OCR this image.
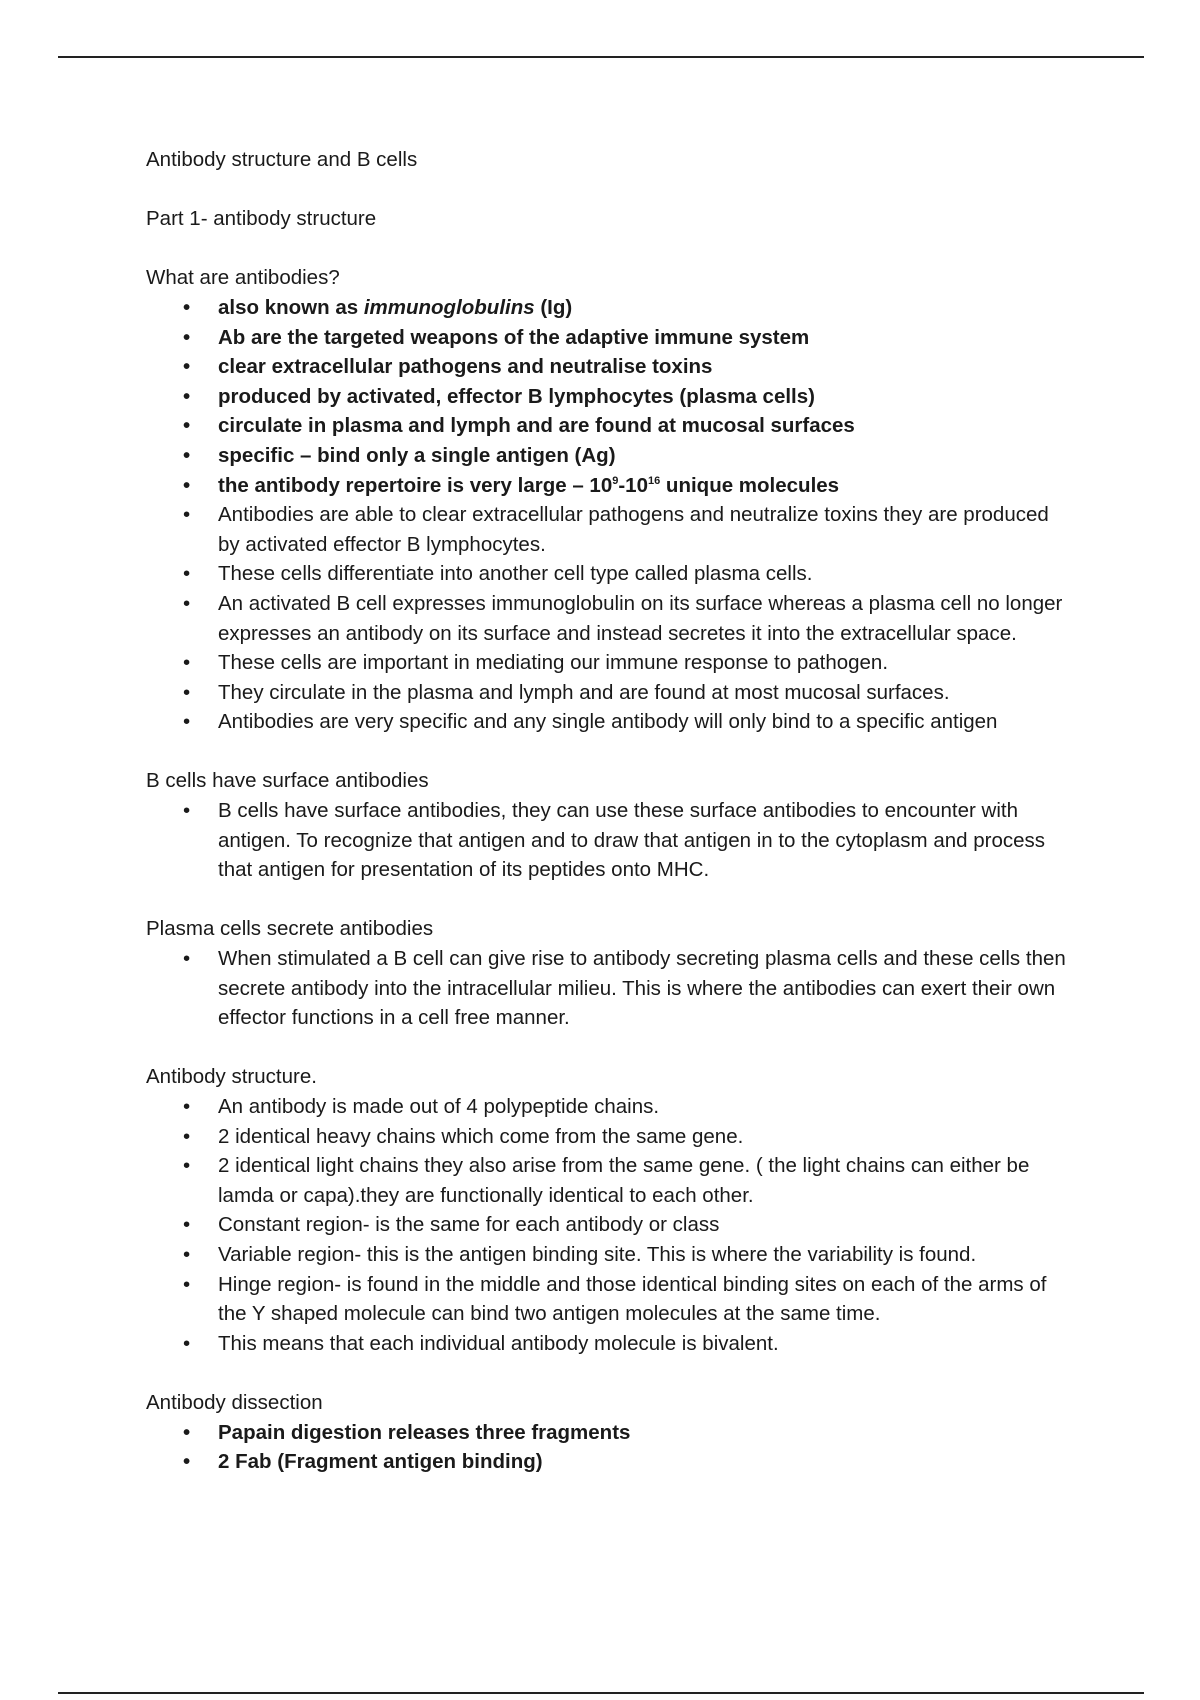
Antibody structure and B cells

Part 1- antibody structure

What are antibodies?

• also known as immunoglobulins (Ig)
• Ab are the targeted weapons of the adaptive immune system
• clear extracellular pathogens and neutralise toxins
• produced by activated, effector B lymphocytes (plasma cells)
• circulate in plasma and lymph and are found at mucosal surfaces
• specific – bind only a single antigen (Ag)
• the antibody repertoire is very large – $10^9-10^{16}$ unique molecules
• Antibodies are able to clear extracellular pathogens and neutralize toxins they are produced by activated effector B lymphocytes.
• These cells differentiate into another cell type called plasma cells.
• An activated B cell expresses immunoglobulin on its surface whereas a plasma cell no longer expresses an antibody on its surface and instead secretes it into the extracellular space.
• These cells are important in mediating our immune response to pathogen.
• They circulate in the plasma and lymph and are found at most mucosal surfaces.
• Antibodies are very specific and any single antibody will only bind to a specific antigen

B cells have surface antibodies

• B cells have surface antibodies, they can use these surface antibodies to encounter with antigen. To recognize that antigen and to draw that antigen in to the cytoplasm and process that antigen for presentation of its peptides onto MHC.

Plasma cells secrete antibodies

• When stimulated a B cell can give rise to antibody secreting plasma cells and these cells then secrete antibody into the intracellular milieu. This is where the antibodies can exert their own effector functions in a cell free manner.

Antibody structure.

• An antibody is made out of 4 polypeptide chains.
• 2 identical heavy chains which come from the same gene.
• 2 identical light chains they also arise from the same gene. ( the light chains can either be lamda or capa).they are functionally identical to each other.
• Constant region- is the same for each antibody or class
• Variable region- this is the antigen binding site. This is where the variability is found.
• Hinge region- is found in the middle and those identical binding sites on each of the arms of the Y shaped molecule can bind two antigen molecules at the same time.
• This means that each individual antibody molecule is bivalent.

Antibody dissection

• Papain digestion releases three fragments
• 2 Fab (Fragment antigen binding)
